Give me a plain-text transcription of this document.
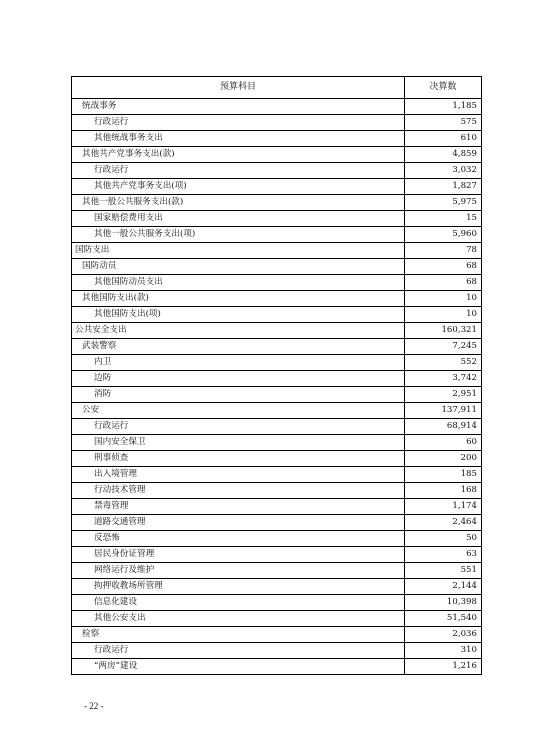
预算科目	决算数
统战事务	1,185
行政运行	575
其他统战事务支出	610
其他共产党事务支出(款)	4,859
行政运行	3,032
其他共产党事务支出(项)	1,827
其他一般公共服务支出(款)	5,975
国家赔偿费用支出	15
其他一般公共服务支出(项)	5,960
国防支出	78
国防动员	68
其他国防动员支出	68
其他国防支出(款)	10
其他国防支出(项)	10
公共安全支出	160,321
武装警察	7,245
内卫	552
边防	3,742
消防	2,951
公安	137,911
行政运行	68,914
国内安全保卫	60
刑事侦查	200
出入境管理	185
行动技术管理	168
禁毒管理	1,174
道路交通管理	2,464
反恐怖	50
居民身份证管理	63
网络运行及维护	551
拘押收教场所管理	2,144
信息化建设	10,398
其他公安支出	51,540
检察	2,036
行政运行	310
“两房”建设	1,216
- 22 -
